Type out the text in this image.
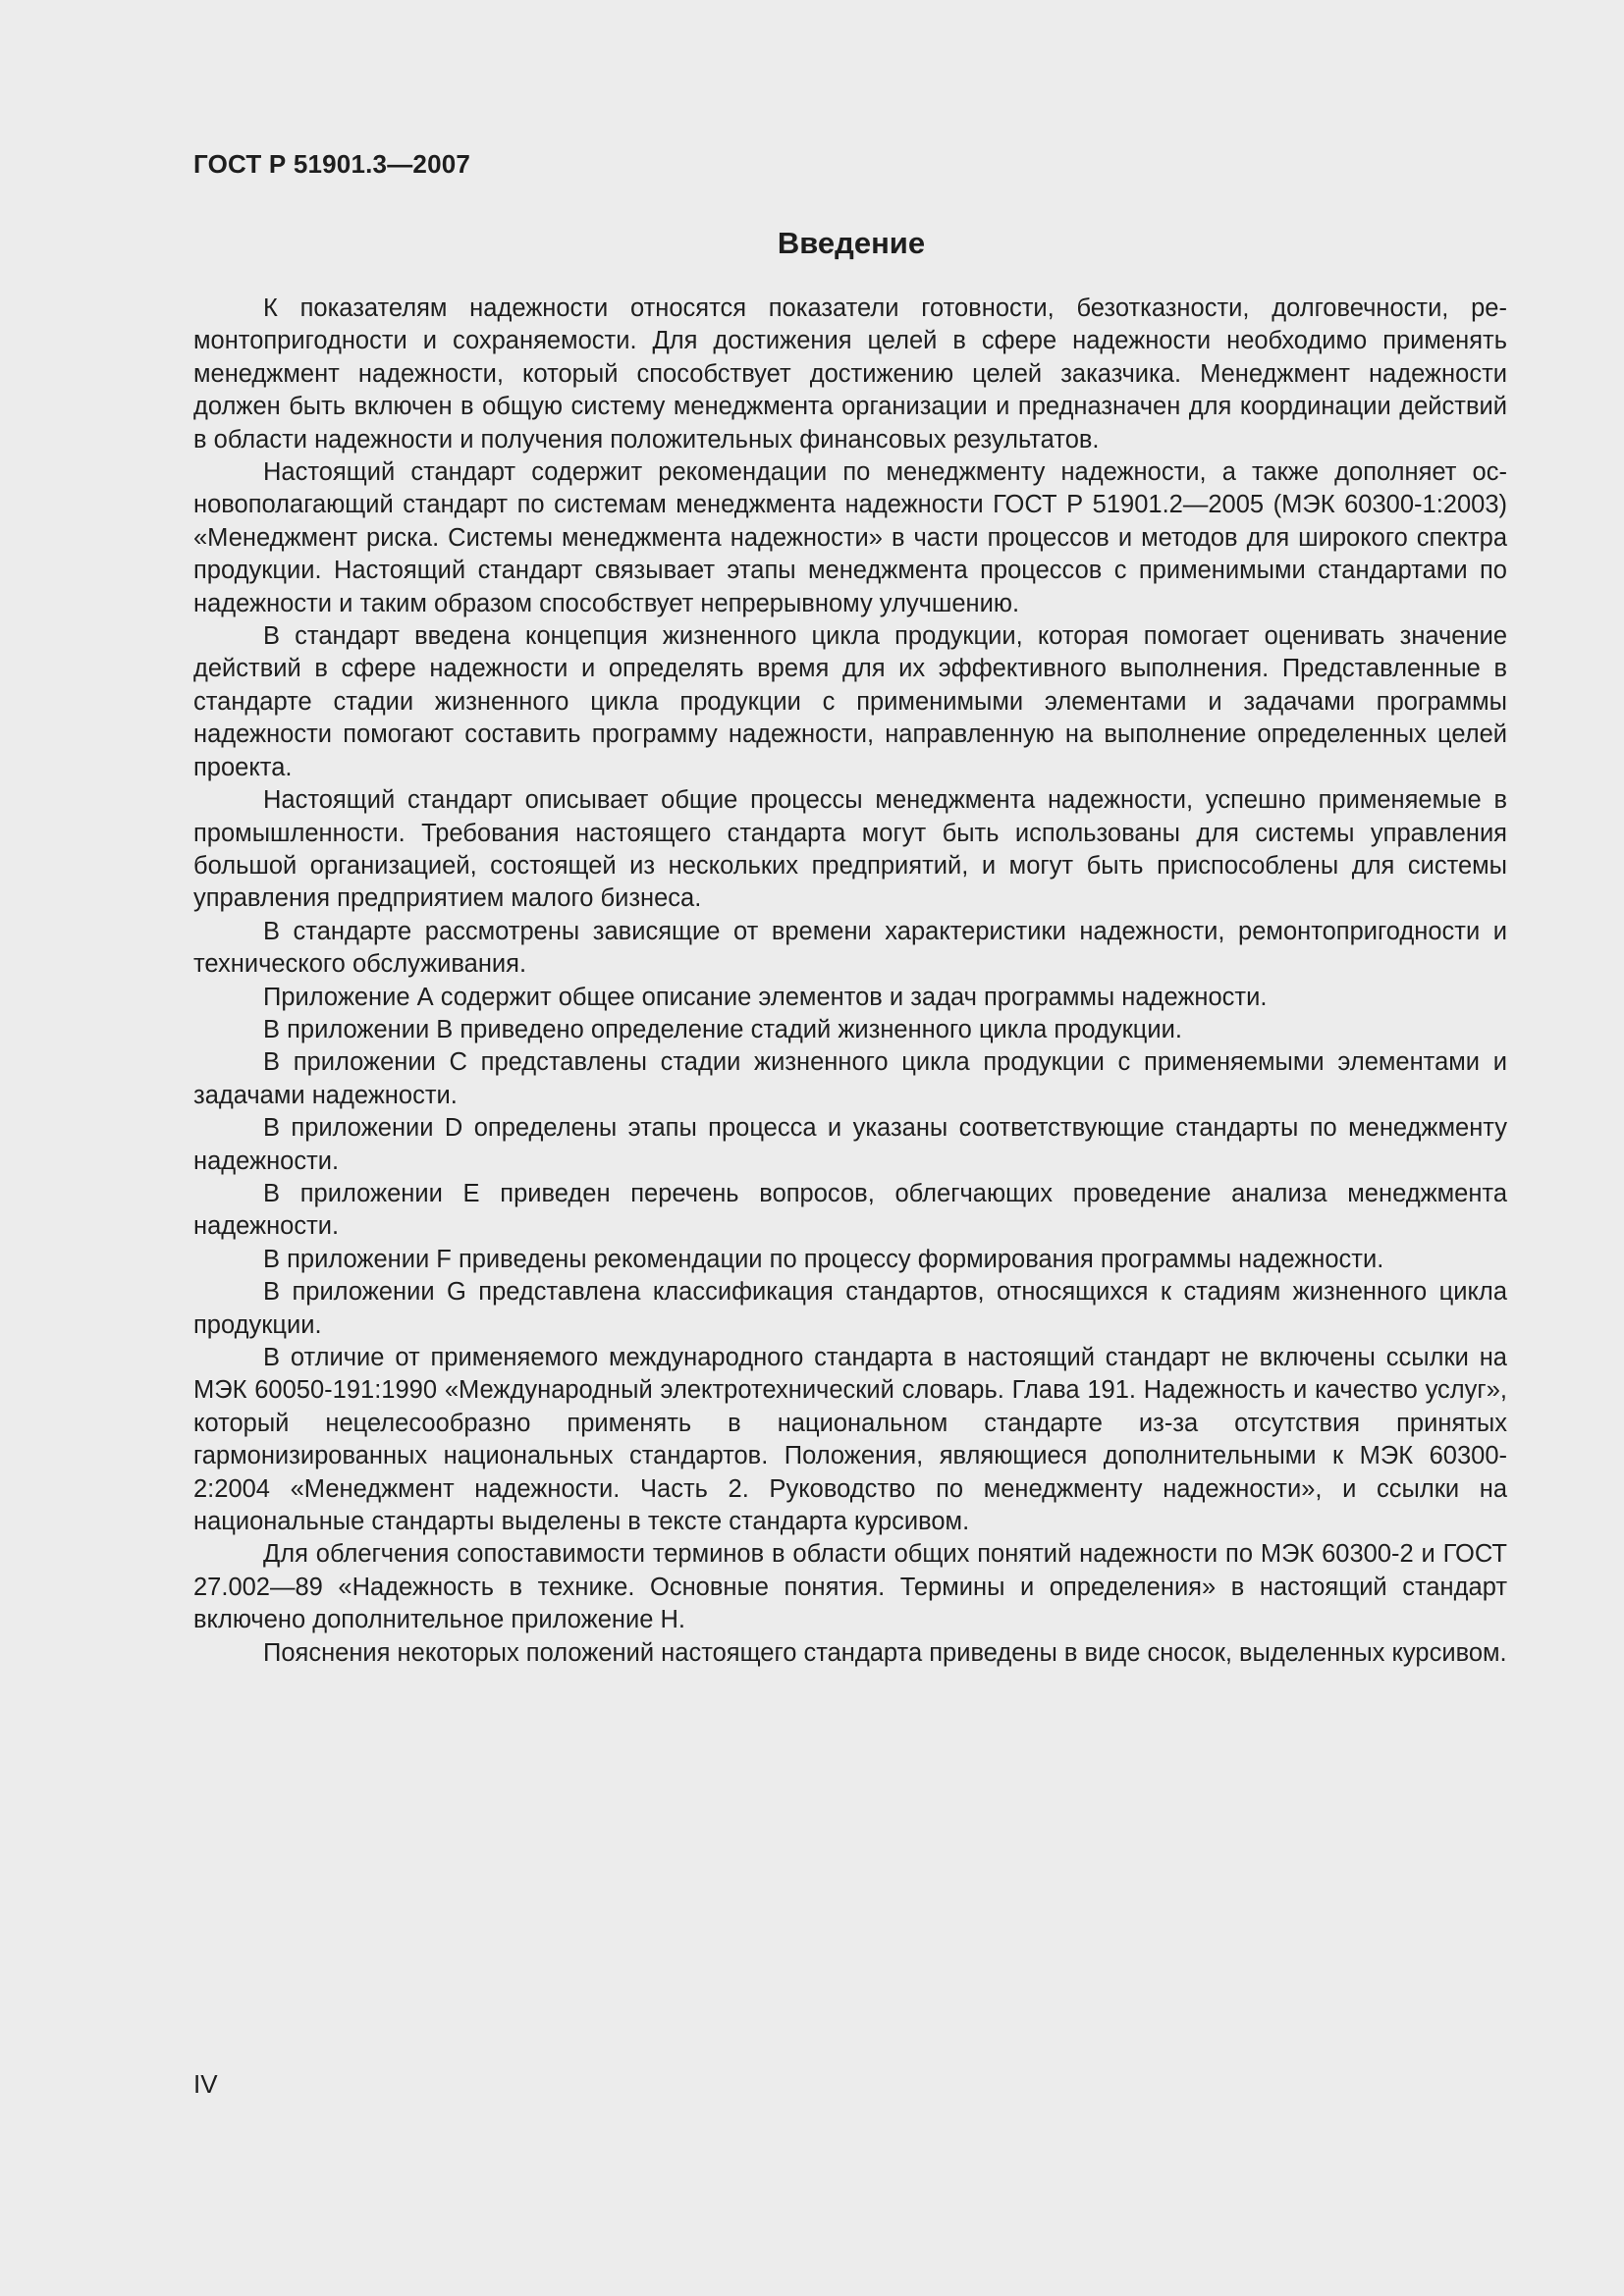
ГОСТ Р 51901.3—2007
Введение

К показателям надежности относятся показатели готовности, безотказности, долговечности, ремонтопригодности и сохраняемости. Для достижения целей в сфере надежности необходимо применять менеджмент надежности, который способствует достижению целей заказчика. Менеджмент надежности должен быть включен в общую систему менеджмента организации и предназначен для координации действий в области надежности и получения положительных финансовых результатов.

Настоящий стандарт содержит рекомендации по менеджменту надежности, а также дополняет основополагающий стандарт по системам менеджмента надежности ГОСТ Р 51901.2—2005 (МЭК 60300-1:2003) «Менеджмент риска. Системы менеджмента надежности» в части процессов и методов для широкого спектра продукции. Настоящий стандарт связывает этапы менеджмента процессов с применимыми стандартами по надежности и таким образом способствует непрерывному улучшению.

В стандарт введена концепция жизненного цикла продукции, которая помогает оценивать значение действий в сфере надежности и определять время для их эффективного выполнения. Представленные в стандарте стадии жизненного цикла продукции с применимыми элементами и задачами программы надежности помогают составить программу надежности, направленную на выполнение определенных целей проекта.

Настоящий стандарт описывает общие процессы менеджмента надежности, успешно применяемые в промышленности. Требования настоящего стандарта могут быть использованы для системы управления большой организацией, состоящей из нескольких предприятий, и могут быть приспособлены для системы управления предприятием малого бизнеса.

В стандарте рассмотрены зависящие от времени характеристики надежности, ремонтопригодности и технического обслуживания.

Приложение А содержит общее описание элементов и задач программы надежности.

В приложении В приведено определение стадий жизненного цикла продукции.

В приложении С представлены стадии жизненного цикла продукции с применяемыми элементами и задачами надежности.

В приложении D определены этапы процесса и указаны соответствующие стандарты по менеджменту надежности.

В приложении Е приведен перечень вопросов, облегчающих проведение анализа менеджмента надежности.

В приложении F приведены рекомендации по процессу формирования программы надежности.

В приложении G представлена классификация стандартов, относящихся к стадиям жизненного цикла продукции.

В отличие от применяемого международного стандарта в настоящий стандарт не включены ссылки на МЭК 60050-191:1990 «Международный электротехнический словарь. Глава 191. Надежность и качество услуг», который нецелесообразно применять в национальном стандарте из-за отсутствия принятых гармонизированных национальных стандартов. Положения, являющиеся дополнительными к МЭК 60300-2:2004 «Менеджмент надежности. Часть 2. Руководство по менеджменту надежности», и ссылки на национальные стандарты выделены в тексте стандарта курсивом.

Для облегчения сопоставимости терминов в области общих понятий надежности по МЭК 60300-2 и ГОСТ 27.002—89 «Надежность в технике. Основные понятия. Термины и определения» в настоящий стандарт включено дополнительное приложение Н.

Пояснения некоторых положений настоящего стандарта приведены в виде сносок, выделенных курсивом.

IV
